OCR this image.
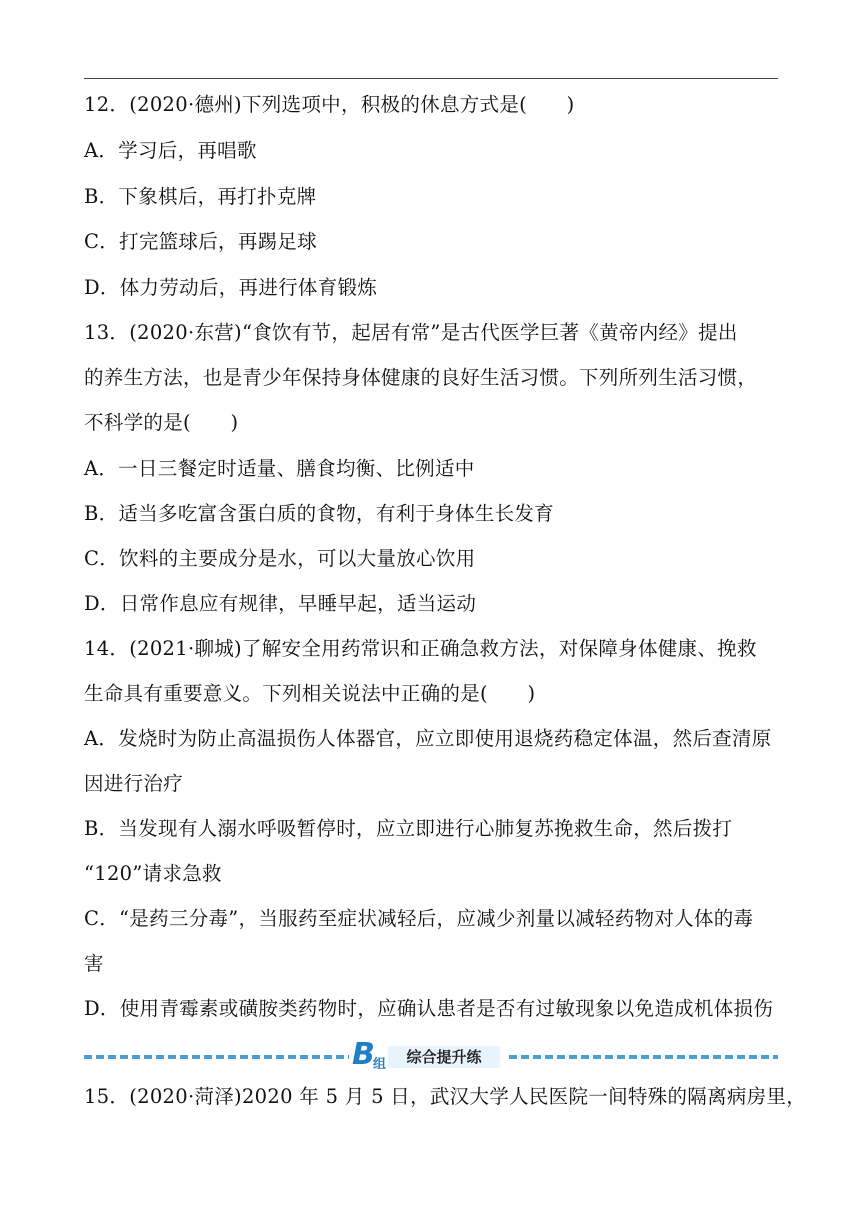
12．(2020·德州)下列选项中，积极的休息方式是(　　)
A．学习后，再唱歌
B．下象棋后，再打扑克牌
C．打完篮球后，再踢足球
D．体力劳动后，再进行体育锻炼
13．(2020·东营)“食饮有节，起居有常”是古代医学巨著《黄帝内经》提出
的养生方法，也是青少年保持身体健康的良好生活习惯。下列所列生活习惯，
不科学的是(　　)
A．一日三餐定时适量、膳食均衡、比例适中
B．适当多吃富含蛋白质的食物，有利于身体生长发育
C．饮料的主要成分是水，可以大量放心饮用
D．日常作息应有规律，早睡早起，适当运动
14．(2021·聊城)了解安全用药常识和正确急救方法，对保障身体健康、挽救
生命具有重要意义。下列相关说法中正确的是(　　)
A．发烧时为防止高温损伤人体器官，应立即使用退烧药稳定体温，然后查清原
因进行治疗
B．当发现有人溺水呼吸暂停时，应立即进行心肺复苏挽救生命，然后拨打
“120”请求急救
C．“是药三分毒”，当服药至症状减轻后，应减少剂量以减轻药物对人体的毒
害
D．使用青霉素或磺胺类药物时，应确认患者是否有过敏现象以免造成机体损伤
B
组	综合提升练
15．(2020·菏泽)2020 年 5 月 5 日，武汉大学人民医院一间特殊的隔离病房里，
